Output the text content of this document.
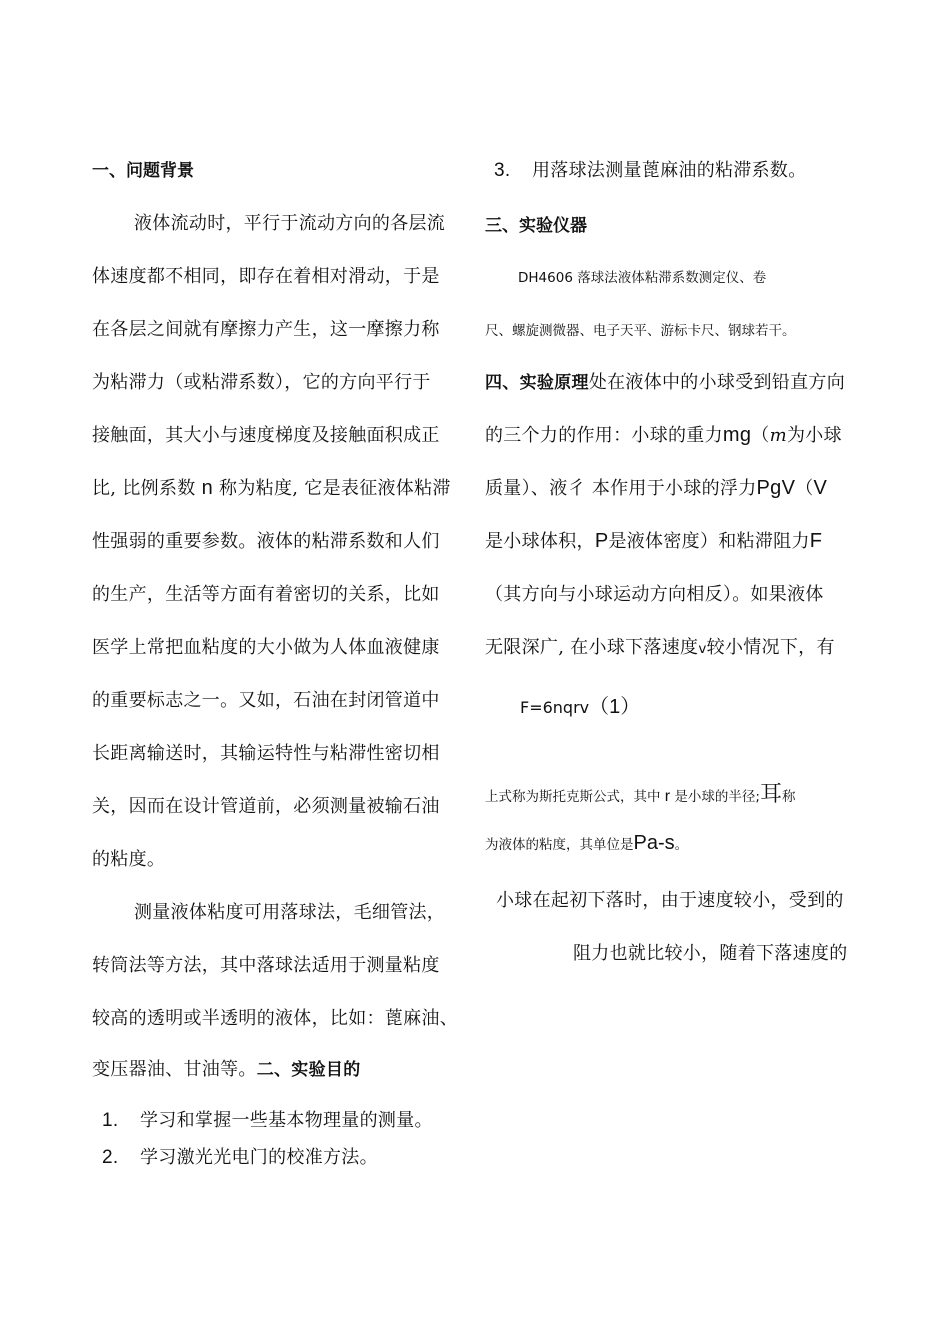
一、问题背景
液体流动时，平行于流动方向的各层流
体速度都不相同，即存在着相对滑动，于是
在各层之间就有摩擦力产生，这一摩擦力称
为粘滞力（或粘滞系数），它的方向平行于
接触面，其大小与速度梯度及接触面积成正
比, 比例系数 n 称为粘度, 它是表征液体粘滞
性强弱的重要参数。液体的粘滞系数和人们
的生产，生活等方面有着密切的关系，比如
医学上常把血粘度的大小做为人体血液健康
的重要标志之一。又如，石油在封闭管道中
长距离输送时，其输运特性与粘滞性密切相
关，因而在设计管道前，必须测量被输石油
的粘度。
测量液体粘度可用落球法，毛细管法，
转筒法等方法，其中落球法适用于测量粘度
较高的透明或半透明的液体，比如：蓖麻油、
变压器油、甘油等。二、实验目的
1. 学习和掌握一些基本物理量的测量。
2. 学习激光光电门的校准方法。
3. 用落球法测量蓖麻油的粘滞系数。
三、实验仪器
DH4606 落球法液体粘滞系数测定仪、卷
尺、螺旋测微器、电子天平、游标卡尺、钢球若干。
四、实验原理处在液体中的小球受到铅直方向
的三个力的作用：小球的重力mg（m为小球
质量）、液彳 本作用于小球的浮力PgV（V
是小球体积，P是液体密度）和粘滞阻力F
（其方向与小球运动方向相反）。如果液体
无限深广, 在小球下落速度v较小情况下，有
F=6nqrv（1）
上式称为斯托克斯公式，其中 r 是小球的半径;耳称
为液体的粘度，其单位是Pa-s。
小球在起初下落时，由于速度较小，受到的
阻力也就比较小，随着下落速度的
